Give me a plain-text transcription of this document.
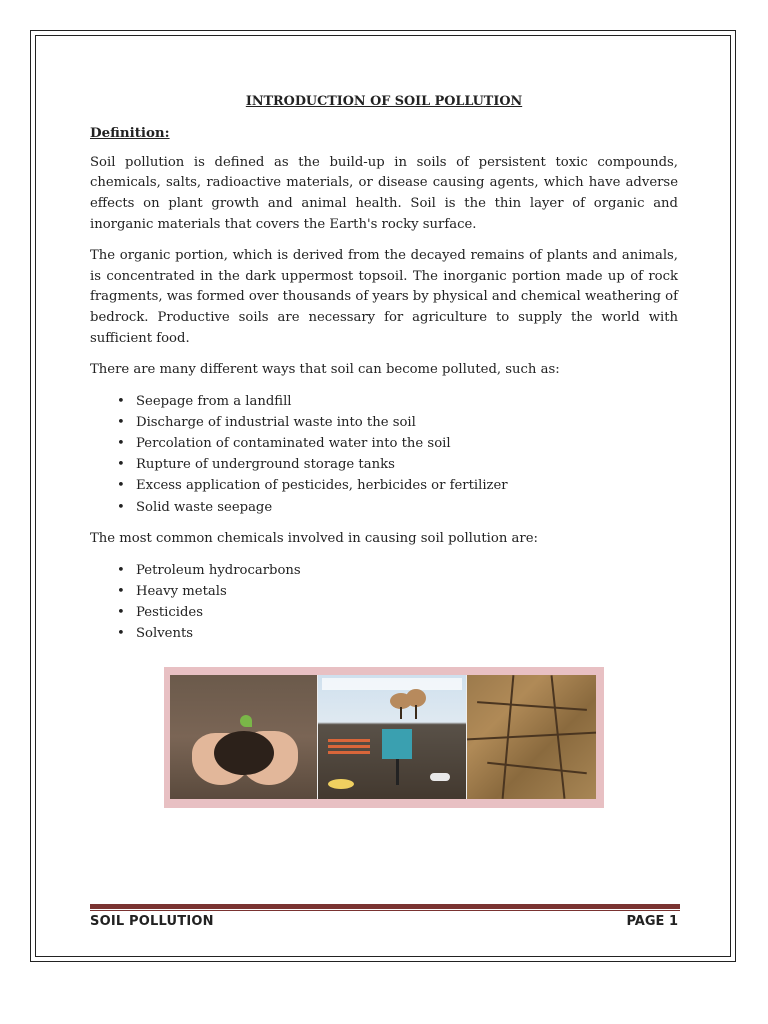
INTRODUCTION OF SOIL POLLUTION
Definition:

Soil pollution is defined as the build-up in soils of persistent toxic compounds, chemicals, salts, radioactive materials, or disease causing agents, which have adverse effects on plant growth and animal health. Soil is the thin layer of organic and inorganic materials that covers the Earth's rocky surface.

The organic portion, which is derived from the decayed remains of plants and animals, is concentrated in the dark uppermost topsoil. The inorganic portion made up of rock fragments, was formed over thousands of years by physical and chemical weathering of bedrock. Productive soils are necessary for agriculture to supply the world with sufficient food.

There are many different ways that soil can become polluted, such as:

• Seepage from a landfill
• Discharge of industrial waste into the soil
• Percolation of contaminated water into the soil
• Rupture of underground storage tanks
• Excess application of pesticides, herbicides or fertilizer
• Solid waste seepage

The most common chemicals involved in causing soil pollution are:

• Petroleum hydrocarbons
• Heavy metals
• Pesticides
• Solvents
SOIL POLLUTION	PAGE 1
